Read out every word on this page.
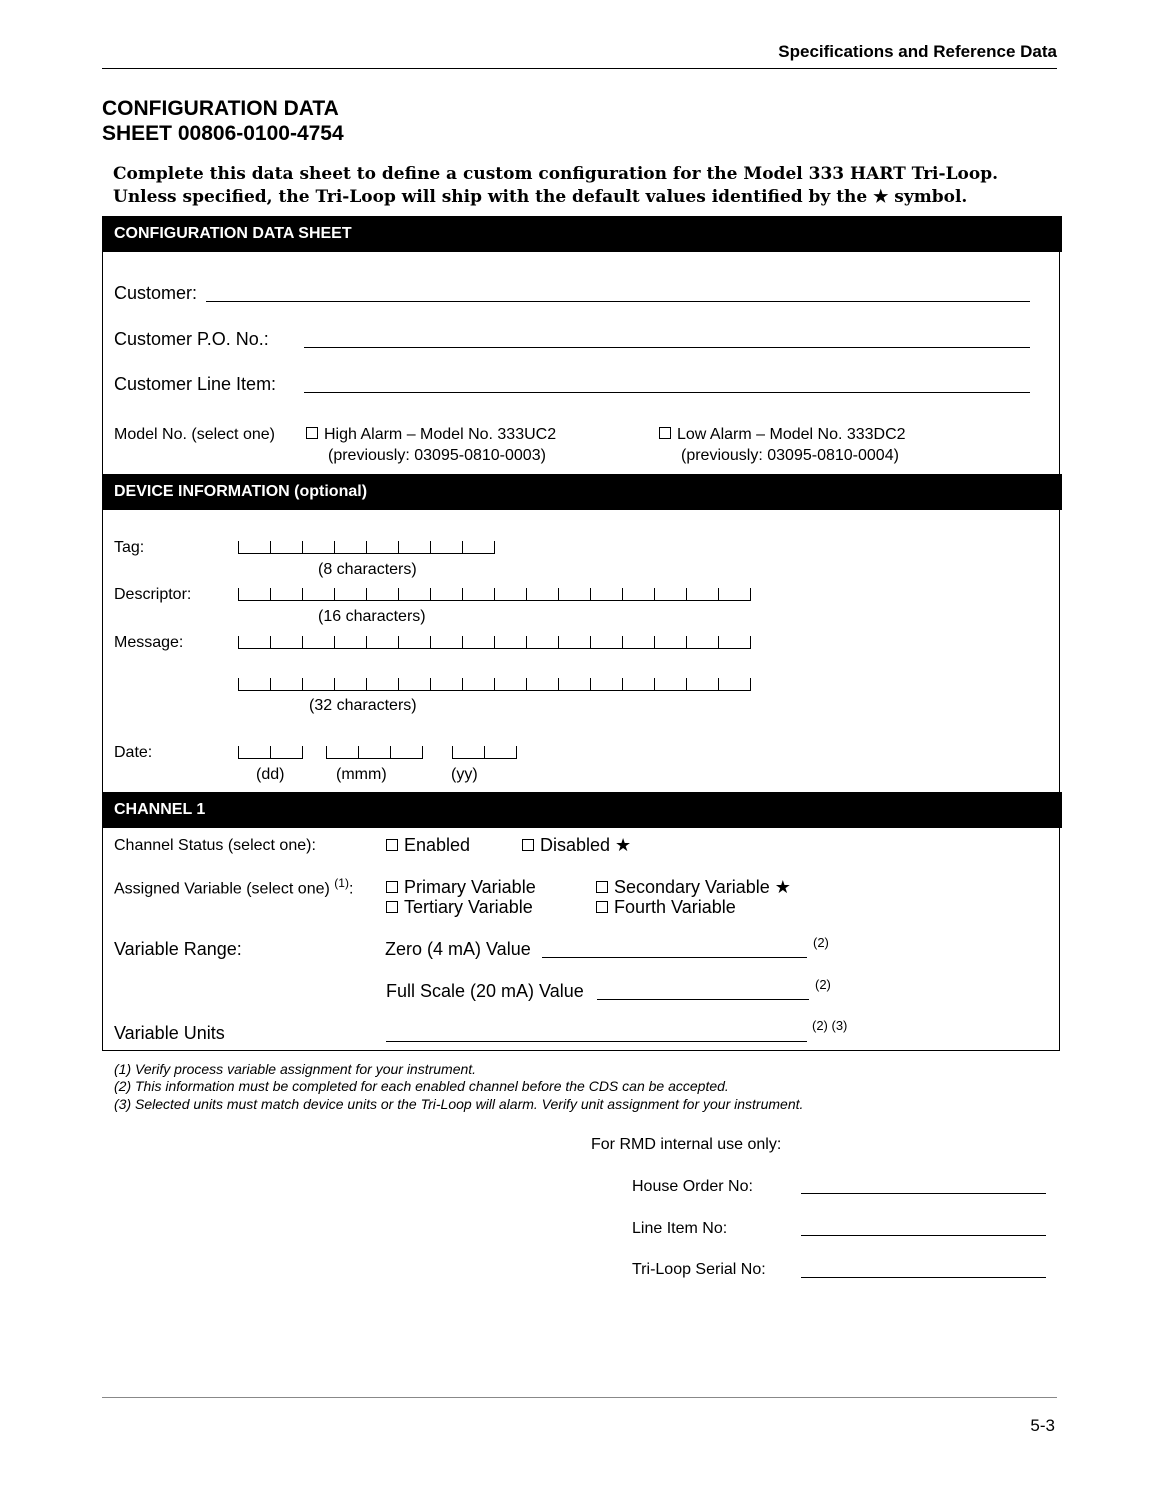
Specifications and Reference Data
CONFIGURATION DATA
SHEET 00806-0100-4754
Complete this data sheet to define a custom configuration for the Model 333 HART Tri-Loop.
Unless specified, the Tri-Loop will ship with the default values identified by the ★ symbol.
CONFIGURATION DATA SHEET
Customer:
Customer P.O. No.:
Customer Line Item:
Model No. (select one)	High Alarm – Model No. 333UC2
(previously: 03095-0810-0003)
Low Alarm – Model No. 333DC2
(previously: 03095-0810-0004)
DEVICE INFORMATION (optional)
Tag:
(8 characters)
Descriptor:
(16 characters)
Message:
(32 characters)
Date:
(dd)	(mmm)	(yy)
CHANNEL 1
Channel Status (select one):	Enabled	Disabled ★
Assigned Variable (select one) $^{(1)}$:	Primary Variable	Secondary Variable ★
Tertiary Variable	Fourth Variable
Variable Range:	Zero (4 mA) Value	(2)
Full Scale (20 mA) Value	(2)
Variable Units	(2) (3)
(1) Verify process variable assignment for your instrument.
(2) This information must be completed for each enabled channel before the CDS can be accepted.
(3) Selected units must match device units or the Tri-Loop will alarm. Verify unit assignment for your instrument.
For RMD internal use only:
House Order No:
Line Item No:
Tri-Loop Serial No:
5-3
